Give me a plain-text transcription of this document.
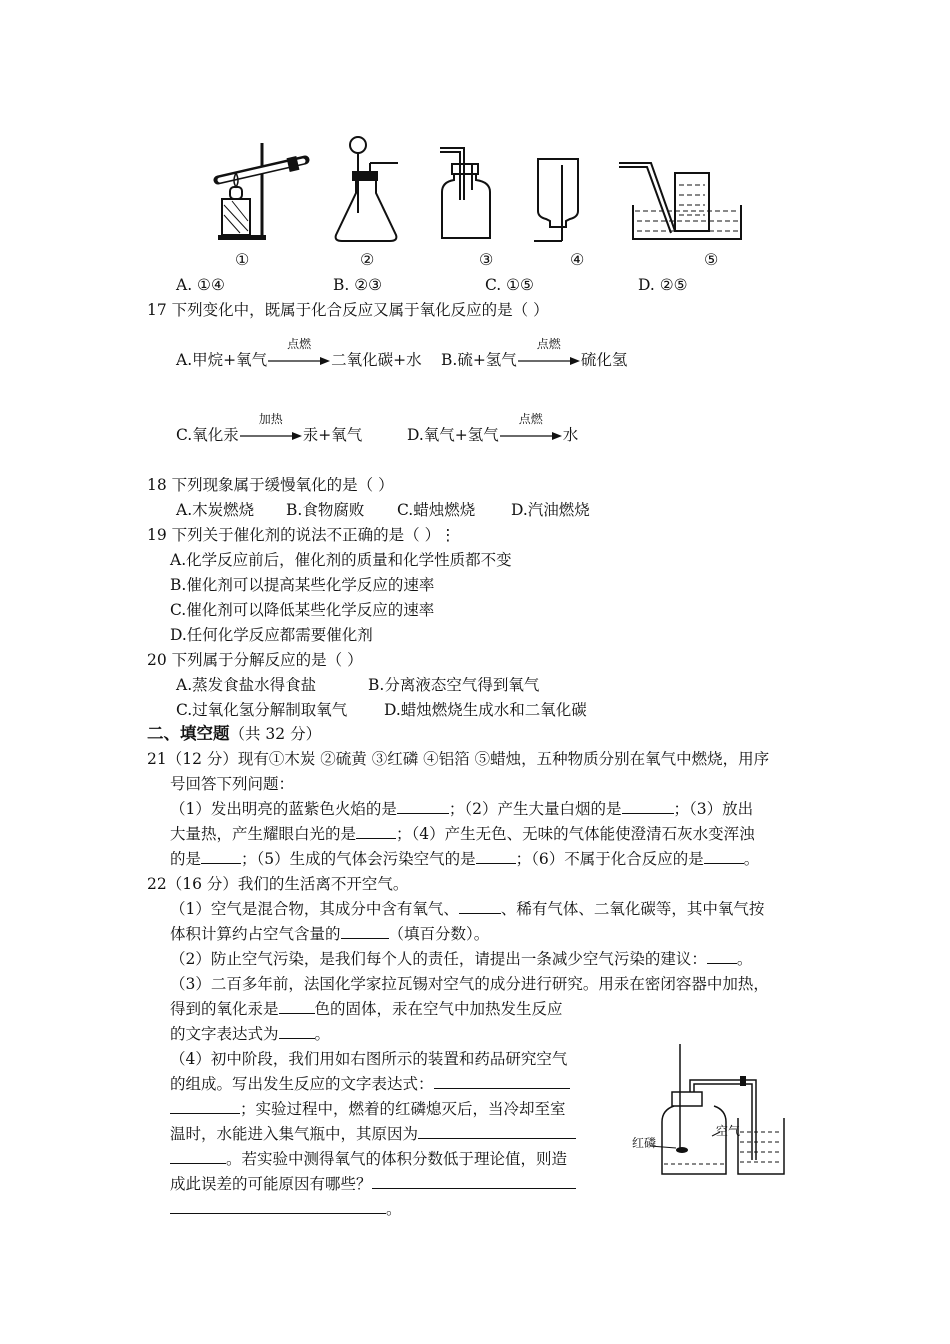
①	②	③	④	⑤
A. ①④	B. ②③	C. ①⑤	D. ②⑤
17 下列变化中，既属于化合反应又属于氧化反应的是（ ）
A.甲烷+氧气
点燃
二氧化碳+水 B.硫+氢气
点燃
硫化氢
C.氧化汞
加热
汞+氧气	D.氧气+氢气
点燃
水
18 下列现象属于缓慢氧化的是（ ）
A.木炭燃烧 B.食物腐败 C.蜡烛燃烧 D.汽油燃烧
19 下列关于催化剂的说法不正确的是（ ）⋮
A.化学反应前后，催化剂的质量和化学性质都不变
B.催化剂可以提高某些化学反应的速率
C.催化剂可以降低某些化学反应的速率
D.任何化学反应都需要催化剂
20 下列属于分解反应的是（ ）
A.蒸发食盐水得食盐	B.分离液态空气得到氧气
C.过氧化氢分解制取氧气 D.蜡烛燃烧生成水和二氧化碳
二、填空题（共 32 分）
21（12 分）现有①木炭 ②硫黄 ③红磷 ④铝箔 ⑤蜡烛，五种物质分别在氧气中燃烧，用序
号回答下列问题：
（1）发出明亮的蓝紫色火焰的是	；（2）产生大量白烟的是	；（3）放出
大量热，产生耀眼白光的是	；（4）产生无色、无味的气体能使澄清石灰水变浑浊
的是	；（5）生成的气体会污染空气的是	；（6）不属于化合反应的是	。
22（16 分）我们的生活离不开空气。
（1）空气是混合物，其成分中含有氧气、	、稀有气体、二氧化碳等，其中氧气按
体积计算约占空气含量的	（填百分数）。
（2）防止空气污染，是我们每个人的责任，请提出一条减少空气污染的建议： 。
（3）二百多年前，法国化学家拉瓦锡对空气的成分进行研究。用汞在密闭容器中加热，
得到的氧化汞是 色的固体，汞在空气中加热发生反应
的文字表达式为 。
（4）初中阶段，我们用如右图所示的装置和药品研究空气
的组成。写出发生反应的文字表达式：
；实验过程中，燃着的红磷熄灭后，当冷却至室
温时，水能进入集气瓶中，其原因为
。若实验中测得氧气的体积分数低于理论值，则造
成此误差的可能原因有哪些？
。
红磷
空气
